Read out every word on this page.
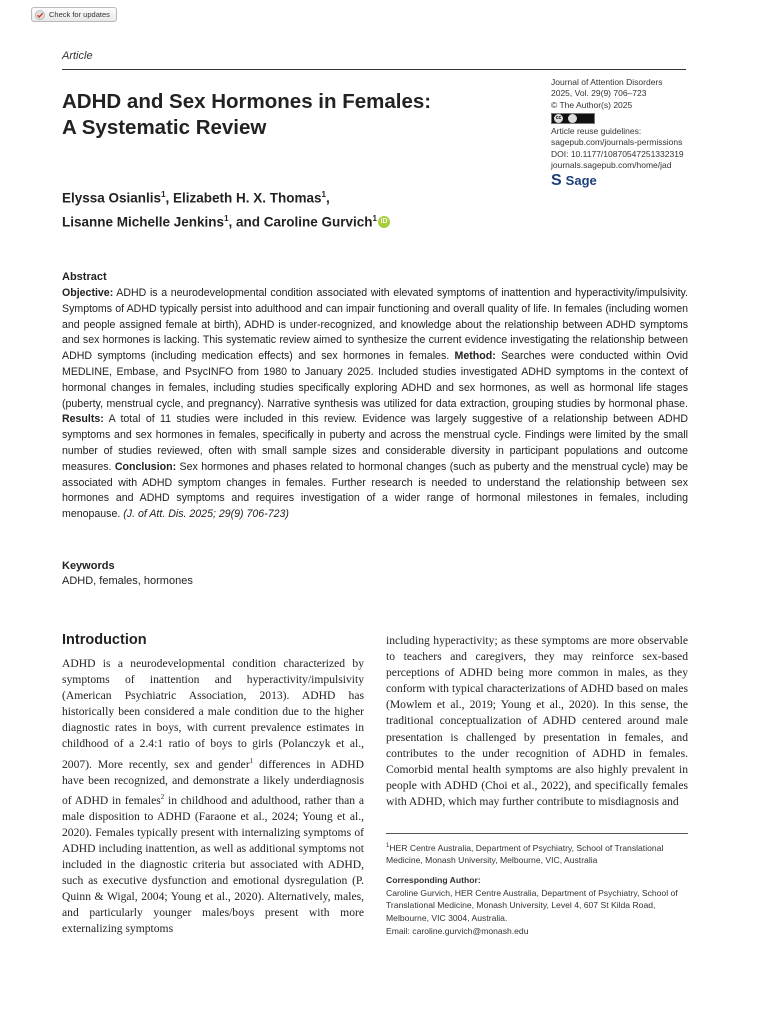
Check for updates
Article
ADHD and Sex Hormones in Females:
A Systematic Review
Journal of Attention Disorders
2025, Vol. 29(9) 706–723
© The Author(s) 2025
cc
Article reuse guidelines:
sagepub.com/journals-permissions
DOI: 10.1177/10870547251332319
journals.sagepub.com/home/jad
S Sage
Elyssa Osianlis$^1$, Elizabeth H. X. Thomas$^1$,
Lisanne Michelle Jenkins$^1$, and Caroline Gurvich$^1$ iD
Abstract

Objective: ADHD is a neurodevelopmental condition associated with elevated symptoms of inattention and hyperactivity/impulsivity. Symptoms of ADHD typically persist into adulthood and can impair functioning and overall quality of life. In females (including women and people assigned female at birth), ADHD is under-recognized, and knowledge about the relationship between ADHD symptoms and sex hormones is lacking. This systematic review aimed to synthesize the current evidence investigating the relationship between ADHD symptoms (including medication effects) and sex hormones in females. Method: Searches were conducted within Ovid MEDLINE, Embase, and PsycINFO from 1980 to January 2025. Included studies investigated ADHD symptoms in the context of hormonal changes in females, including studies specifically exploring ADHD and sex hormones, as well as hormonal life stages (puberty, menstrual cycle, and pregnancy). Narrative synthesis was utilized for data extraction, grouping studies by hormonal phase. Results: A total of 11 studies were included in this review. Evidence was largely suggestive of a relationship between ADHD symptoms and sex hormones in females, specifically in puberty and across the menstrual cycle. Findings were limited by the small number of studies reviewed, often with small sample sizes and considerable diversity in participant populations and outcome measures. Conclusion: Sex hormones and phases related to hormonal changes (such as puberty and the menstrual cycle) may be associated with ADHD symptom changes in females. Further research is needed to understand the relationship between sex hormones and ADHD symptoms and requires investigation of a wider range of hormonal milestones in females, including menopause. (J. of Att. Dis. 2025; 29(9) 706-723)

Keywords
ADHD, females, hormones
Introduction

ADHD is a neurodevelopmental condition characterized by symptoms of inattention and hyperactivity/impulsivity (American Psychiatric Association, 2013). ADHD has historically been considered a male condition due to the higher diagnostic rates in boys, with current prevalence estimates in childhood of a 2.4:1 ratio of boys to girls (Polanczyk et al., 2007). More recently, sex and gender$^1$ differences in ADHD have been recognized, and demonstrate a likely underdiagnosis of ADHD in females$^2$ in childhood and adulthood, rather than a male disposition to ADHD (Faraone et al., 2024; Young et al., 2020). Females typically present with internalizing symptoms of ADHD including inattention, as well as additional symptoms not included in the diagnostic criteria but associated with ADHD, such as executive dysfunction and emotional dysregulation (P. Quinn & Wigal, 2004; Young et al., 2020). Alternatively, males, and particularly younger males/boys present with more externalizing symptoms

including hyperactivity; as these symptoms are more observable to teachers and caregivers, they may reinforce sex-based perceptions of ADHD being more common in males, as they conform with typical characterizations of ADHD based on males (Mowlem et al., 2019; Young et al., 2020). In this sense, the traditional conceptualization of ADHD centered around male presentation is challenged by presentation in females, and contributes to the under recognition of ADHD in females. Comorbid mental health symptoms are also highly prevalent in people with ADHD (Choi et al., 2022), and specifically females with ADHD, which may further contribute to misdiagnosis and

$^1$HER Centre Australia, Department of Psychiatry, School of Translational Medicine, Monash University, Melbourne, VIC, Australia

Corresponding Author:

Caroline Gurvich, HER Centre Australia, Department of Psychiatry, School of Translational Medicine, Monash University, Level 4, 607 St Kilda Road, Melbourne, VIC 3004, Australia.

Email: caroline.gurvich@monash.edu
